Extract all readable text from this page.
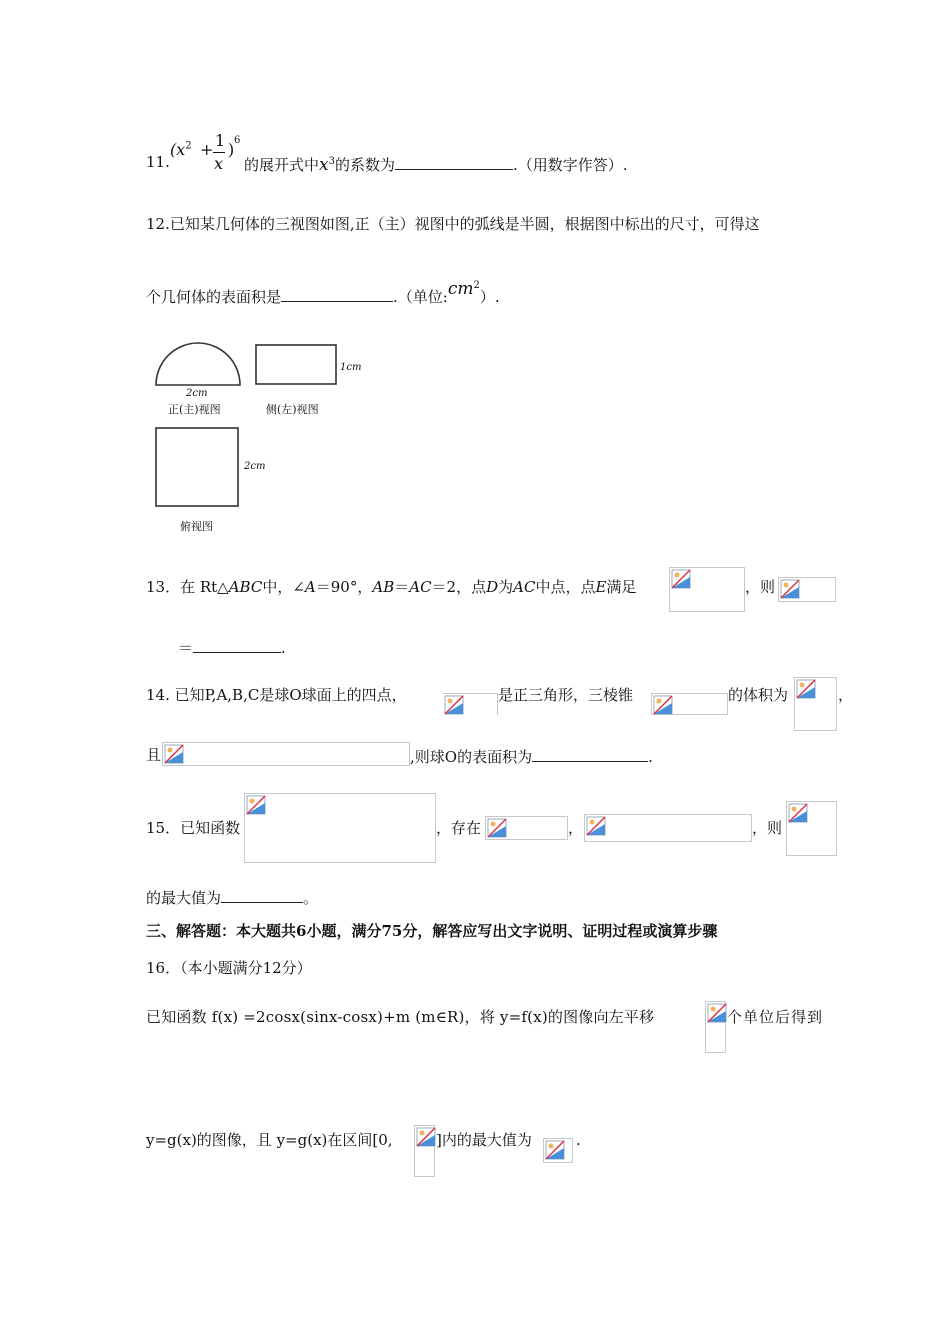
11.
($x^2 + 1$
x
) 6
的展开式中$x^3$的系数为	.（用数字作答）.
12.已知某几何体的三视图如图,正（主）视图中的弧线是半圆，根据图中标出的尺寸，可得这
个几何体的表面积是	.（单位$:cm^2$）.
2cm
正(主)视图
1cm
侧(左)视图
2cm
俯视图
13．在 Rt△ABC中，∠A＝90°，AB＝AC＝2，点D为AC中点，点E满足	，则
＝	.
14. 已知P,A,B,C是球O球面上的四点，	是正三角形，三棱锥	的体积为	，
且	,则球O的表面积为	.
15．已知函数	，存在	，	，则
的最大值为	。
三、解答题：本大题共6小题，满分75分，解答应写出文字说明、证明过程或演算步骤
16．（本小题满分12分）
已知函数 f(x) =2cosx(sinx-cosx)+m (m∈R)，将 y=f(x)的图像向左平移	个单位后得到
y=g(x)的图像，且 y=g(x)在区间[0,	]内的最大值为	.
